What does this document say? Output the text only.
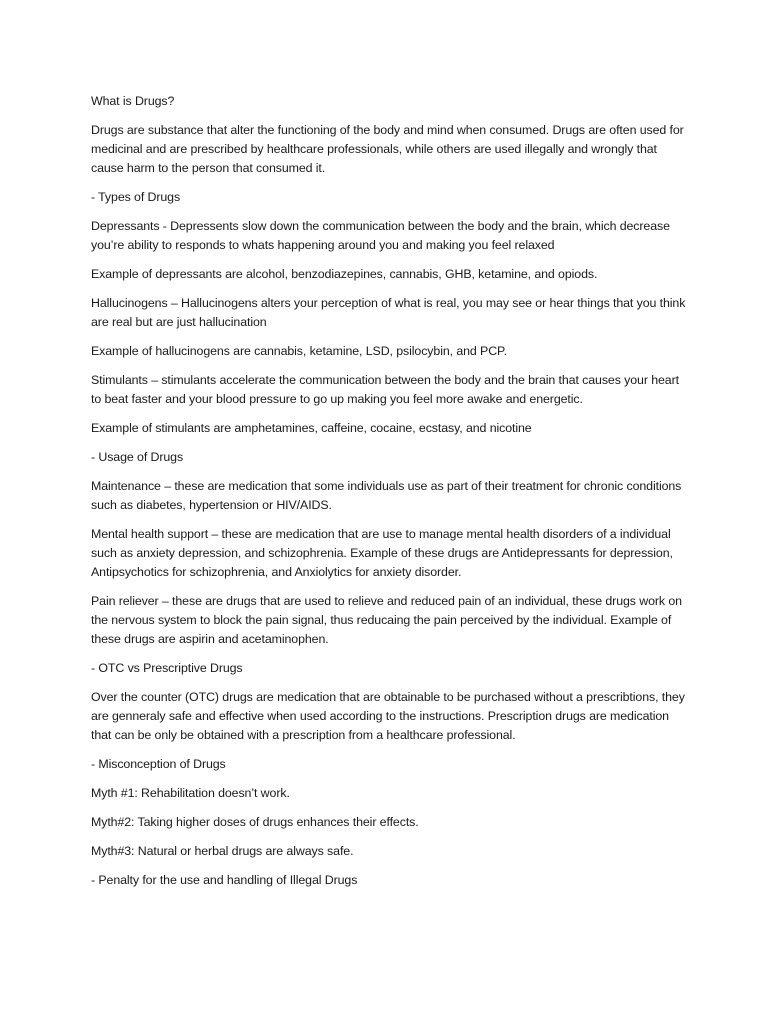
What is Drugs?

Drugs are substance that alter the functioning of the body and mind when consumed. Drugs are often used for medicinal and are prescribed by healthcare professionals, while others are used illegally and wrongly that cause harm to the person that consumed it.

- Types of Drugs

Depressants - Depressents slow down the communication between the body and the brain, which decrease you’re ability to responds to whats happening around you and making you feel relaxed

Example of depressants are alcohol, benzodiazepines, cannabis, GHB, ketamine, and opiods.

Hallucinogens – Hallucinogens alters your perception of what is real, you may see or hear things that you think are real but are just hallucination

Example of hallucinogens are cannabis, ketamine, LSD, psilocybin, and PCP.

Stimulants – stimulants accelerate the communication between the body and the brain that causes your heart to beat faster and your blood pressure to go up making you feel more awake and energetic.

Example of stimulants are amphetamines, caffeine, cocaine, ecstasy, and nicotine

- Usage of Drugs

Maintenance – these are medication that some individuals use as part of their treatment for chronic conditions such as diabetes, hypertension or HIV/AIDS.

Mental health support – these are medication that are use to manage mental health disorders of a individual such as anxiety depression, and schizophrenia. Example of these drugs are Antidepressants for depression, Antipsychotics for schizophrenia, and Anxiolytics for anxiety disorder.

Pain reliever – these are drugs that are used to relieve and reduced pain of an individual, these drugs work on the nervous system to block the pain signal, thus reducaing the pain perceived by the individual. Example of these drugs are aspirin and acetaminophen.

- OTC vs Prescriptive Drugs

Over the counter (OTC) drugs are medication that are obtainable to be purchased without a prescribtions, they are genneraly safe and effective when used according to the instructions. Prescription drugs are medication that can be only be obtained with a prescription from a healthcare professional.

- Misconception of Drugs

Myth #1: Rehabilitation doesn’t work.

Myth#2: Taking higher doses of drugs enhances their effects.

Myth#3: Natural or herbal drugs are always safe.

- Penalty for the use and handling of Illegal Drugs
